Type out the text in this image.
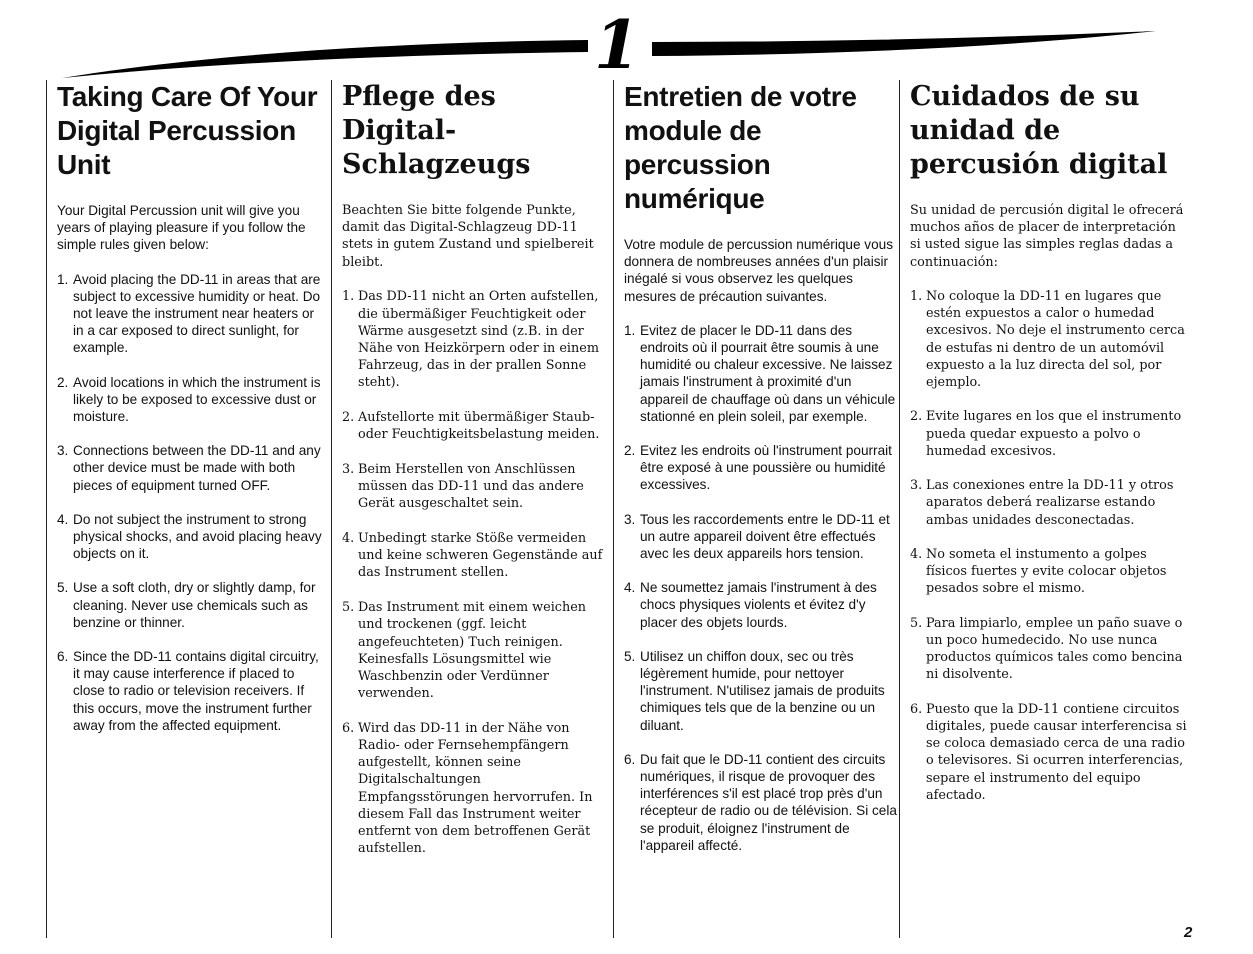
1
Taking Care Of Your Digital Percussion Unit

Your Digital Percussion unit will give you years of playing pleasure if you follow the simple rules given below:

1. Avoid placing the DD-11 in areas that are subject to excessive humidity or heat. Do not leave the instrument near heaters or in a car exposed to direct sunlight, for example.
2. Avoid locations in which the instrument is likely to be exposed to excessive dust or moisture.
3. Connections between the DD-11 and any other device must be made with both pieces of equipment turned OFF.
4. Do not subject the instrument to strong physical shocks, and avoid placing heavy objects on it.
5. Use a soft cloth, dry or slightly damp, for cleaning. Never use chemicals such as benzine or thinner.
6. Since the DD-11 contains digital circuitry, it may cause interference if placed to close to radio or television receivers. If this occurs, move the instrument further away from the affected equipment.
Pflege des Digital-Schlagzeugs

Beachten Sie bitte folgende Punkte, damit das Digital-Schlagzeug DD-11 stets in gutem Zustand und spielbereit bleibt.

1. Das DD-11 nicht an Orten aufstellen, die übermäßiger Feuchtigkeit oder Wärme ausgesetzt sind (z.B. in der Nähe von Heizkörpern oder in einem Fahrzeug, das in der prallen Sonne steht).
2. Aufstellorte mit übermäßiger Staub- oder Feuchtigkeitsbelastung meiden.
3. Beim Herstellen von Anschlüssen müssen das DD-11 und das andere Gerät ausgeschaltet sein.
4. Unbedingt starke Stöße vermeiden und keine schweren Gegenstände auf das Instrument stellen.
5. Das Instrument mit einem weichen und trockenen (ggf. leicht angefeuchteten) Tuch reinigen. Keinesfalls Lösungsmittel wie Waschbenzin oder Verdünner verwenden.
6. Wird das DD-11 in der Nähe von Radio- oder Fernsehempfängern aufgestellt, können seine Digitalschaltungen Empfangsstörungen hervorrufen. In diesem Fall das Instrument weiter entfernt von dem betroffenen Gerät aufstellen.
Entretien de votre module de percussion numérique

Votre module de percussion numérique vous donnera de nombreuses années d'un plaisir inégalé si vous observez les quelques mesures de précaution suivantes.

1. Evitez de placer le DD-11 dans des endroits où il pourrait être soumis à une humidité ou chaleur excessive. Ne laissez jamais l'instrument à proximité d'un appareil de chauffage où dans un véhicule stationné en plein soleil, par exemple.
2. Evitez les endroits où l'instrument pourrait être exposé à une poussière ou humidité excessives.
3. Tous les raccordements entre le DD-11 et un autre appareil doivent être effectués avec les deux appareils hors tension.
4. Ne soumettez jamais l'instrument à des chocs physiques violents et évitez d'y placer des objets lourds.
5. Utilisez un chiffon doux, sec ou très légèrement humide, pour nettoyer l'instrument. N'utilisez jamais de produits chimiques tels que de la benzine ou un diluant.
6. Du fait que le DD-11 contient des circuits numériques, il risque de provoquer des interférences s'il est placé trop près d'un récepteur de radio ou de télévision. Si cela se produit, éloignez l'instrument de l'appareil affecté.
Cuidados de su unidad de percusión digital

Su unidad de percusión digital le ofrecerá muchos años de placer de interpretación si usted sigue las simples reglas dadas a continuación:

1. No coloque la DD-11 en lugares que estén expuestos a calor o humedad excesivos. No deje el instrumento cerca de estufas ni dentro de un automóvil expuesto a la luz directa del sol, por ejemplo.
2. Evite lugares en los que el instrumento pueda quedar expuesto a polvo o humedad excesivos.
3. Las conexiones entre la DD-11 y otros aparatos deberá realizarse estando ambas unidades desconectadas.
4. No someta el instumento a golpes físicos fuertes y evite colocar objetos pesados sobre el mismo.
5. Para limpiarlo, emplee un paño suave o un poco humedecido. No use nunca productos químicos tales como bencina ni disolvente.
6. Puesto que la DD-11 contiene circuitos digitales, puede causar interferencisa si se coloca demasiado cerca de una radio o televisores. Si ocurren interferencias, separe el instrumento del equipo afectado.
2
